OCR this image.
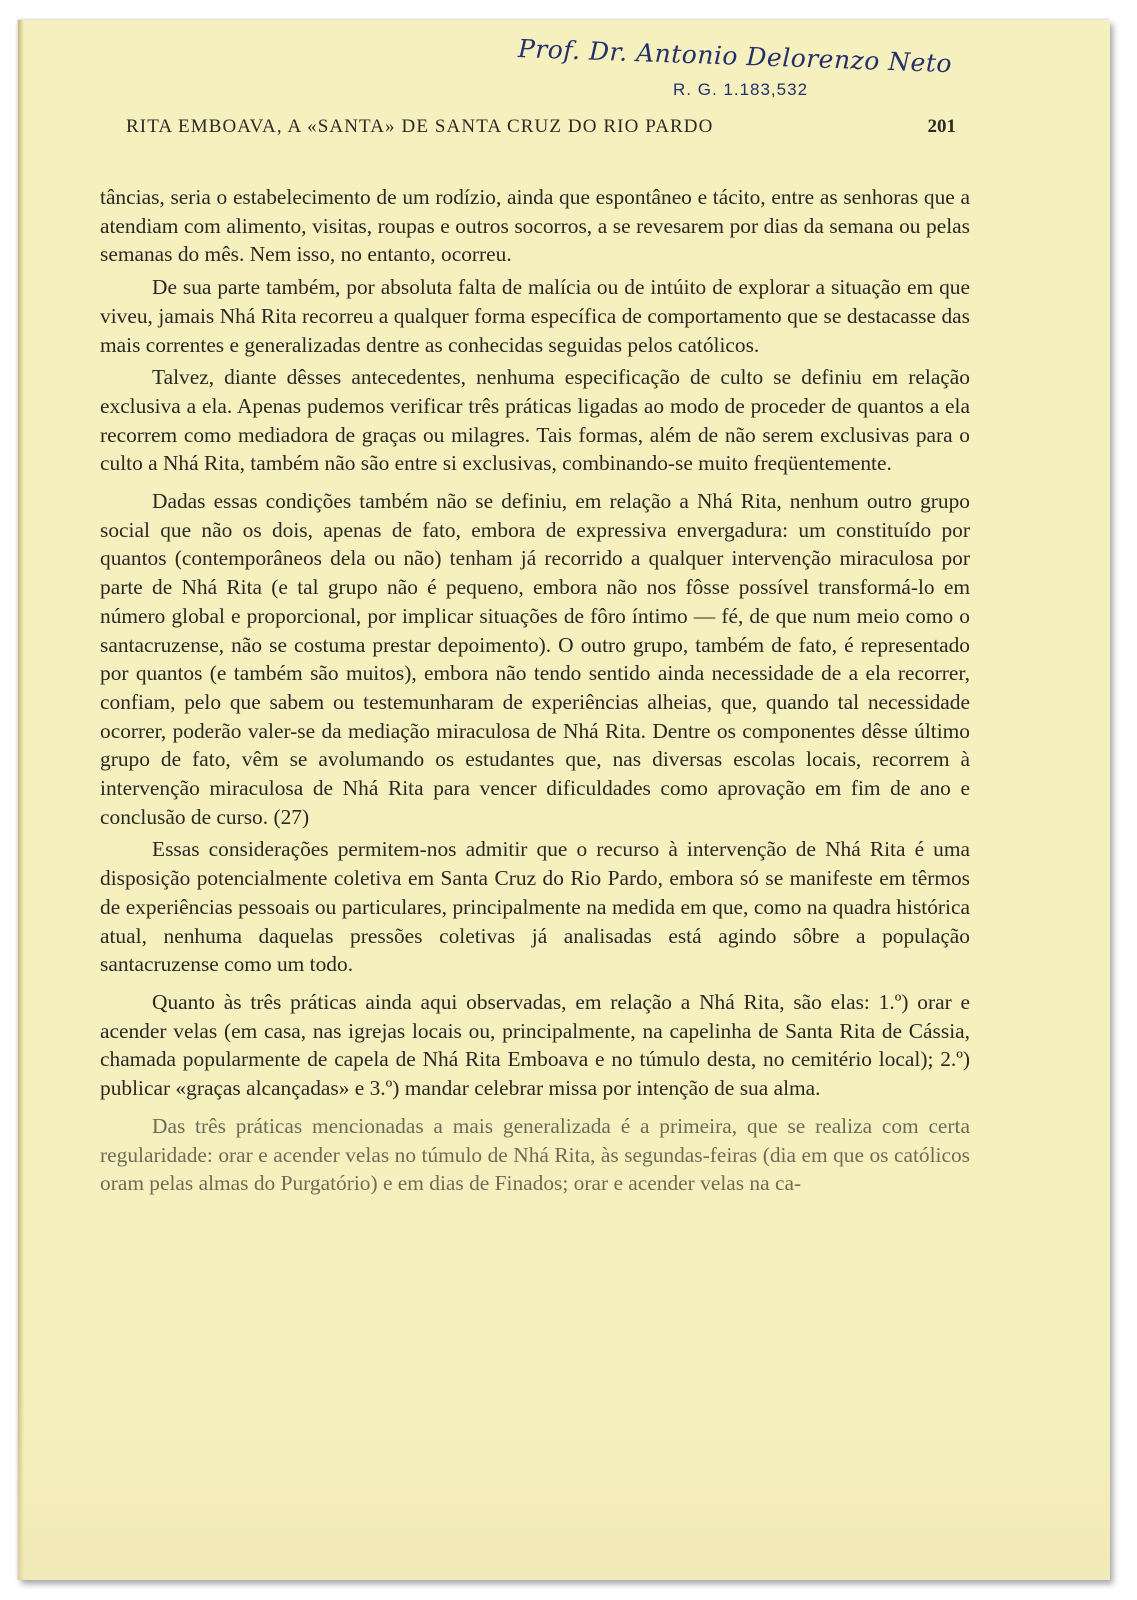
Prof. Dr. Antonio Delorenzo Neto
R. G. 1.183,532
RITA EMBOAVA, A «SANTA» DE SANTA CRUZ DO RIO PARDO	201

tâncias, seria o estabelecimento de um rodízio, ainda que espontâneo e tácito, entre as senhoras que a atendiam com alimento, visitas, roupas e outros socorros, a se revesarem por dias da semana ou pelas semanas do mês. Nem isso, no entanto, ocorreu.

De sua parte também, por absoluta falta de malícia ou de intúito de explorar a situação em que viveu, jamais Nhá Rita recorreu a qualquer forma específica de comportamento que se destacasse das mais correntes e generalizadas dentre as conhecidas seguidas pelos católicos.

Talvez, diante dêsses antecedentes, nenhuma especificação de culto se definiu em relação exclusiva a ela. Apenas pudemos verificar três práticas ligadas ao modo de proceder de quantos a ela recorrem como mediadora de graças ou milagres. Tais formas, além de não serem exclusivas para o culto a Nhá Rita, também não são entre si exclusivas, combinando-se muito freqüentemente.

Dadas essas condições também não se definiu, em relação a Nhá Rita, nenhum outro grupo social que não os dois, apenas de fato, embora de expressiva envergadura: um constituído por quantos (contemporâneos dela ou não) tenham já recorrido a qualquer intervenção miraculosa por parte de Nhá Rita (e tal grupo não é pequeno, embora não nos fôsse possível transformá-lo em número global e proporcional, por implicar situações de fôro íntimo — fé, de que num meio como o santacruzense, não se costuma prestar depoimento). O outro grupo, também de fato, é representado por quantos (e também são muitos), embora não tendo sentido ainda necessidade de a ela recorrer, confiam, pelo que sabem ou testemunharam de experiências alheias, que, quando tal necessidade ocorrer, poderão valer-se da mediação miraculosa de Nhá Rita. Dentre os componentes dêsse último grupo de fato, vêm se avolumando os estudantes que, nas diversas escolas locais, recorrem à intervenção miraculosa de Nhá Rita para vencer dificuldades como aprovação em fim de ano e conclusão de curso. (27)

Essas considerações permitem-nos admitir que o recurso à intervenção de Nhá Rita é uma disposição potencialmente coletiva em Santa Cruz do Rio Pardo, embora só se manifeste em têrmos de experiências pessoais ou particulares, principalmente na medida em que, como na quadra histórica atual, nenhuma daquelas pressões coletivas já analisadas está agindo sôbre a população santacruzense como um todo.

Quanto às três práticas ainda aqui observadas, em relação a Nhá Rita, são elas: 1.º) orar e acender velas (em casa, nas igrejas locais ou, principalmente, na capelinha de Santa Rita de Cássia, chamada popularmente de capela de Nhá Rita Emboava e no túmulo desta, no cemitério local); 2.º) publicar «graças alcançadas» e 3.º) mandar celebrar missa por intenção de sua alma.

Das três práticas mencionadas a mais generalizada é a primeira, que se realiza com certa regularidade: orar e acender velas no túmulo de Nhá Rita, às segundas-feiras (dia em que os católicos oram pelas almas do Purgatório) e em dias de Finados; orar e acender velas na ca-
